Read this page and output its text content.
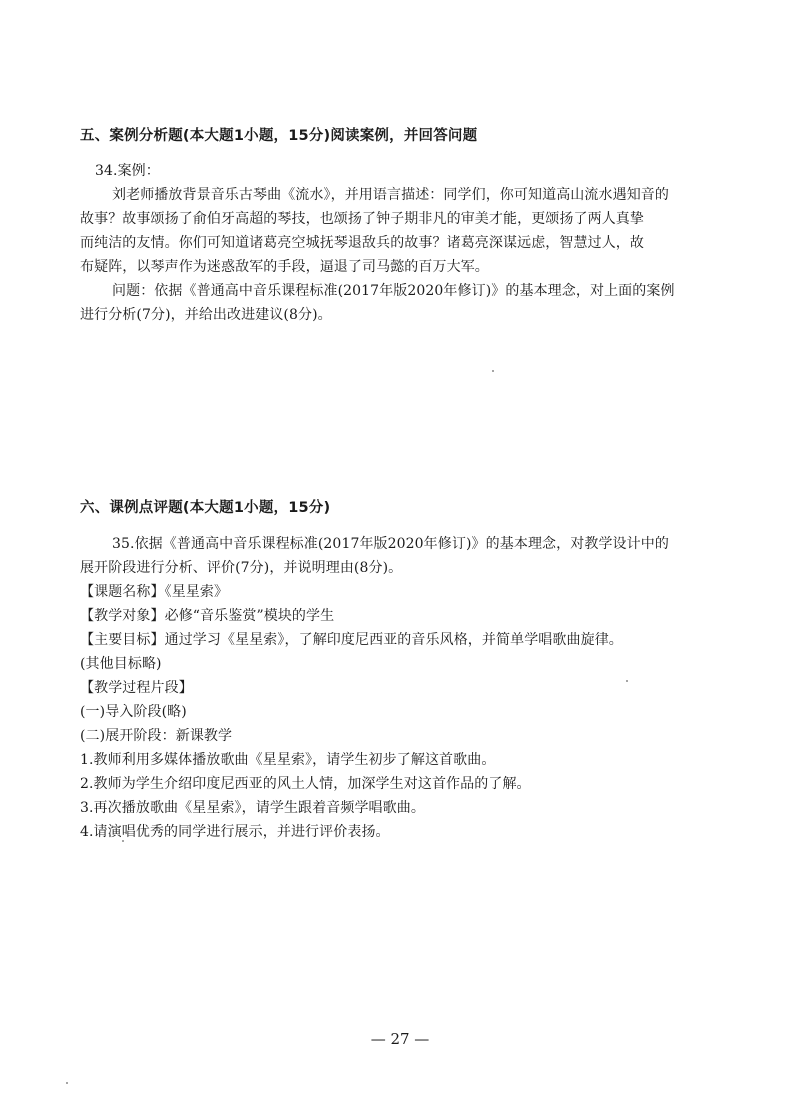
五、案例分析题(本大题1小题，15分)阅读案例，并回答问题
34.案例：
刘老师播放背景音乐古琴曲《流水》，并用语言描述：同学们，你可知道高山流水遇知音的
故事？故事颂扬了俞伯牙高超的琴技，也颂扬了钟子期非凡的审美才能，更颂扬了两人真挚
而纯洁的友情。你们可知道诸葛亮空城抚琴退敌兵的故事？诸葛亮深谋远虑，智慧过人，故
布疑阵，以琴声作为迷惑敌军的手段，逼退了司马懿的百万大军。
问题：依据《普通高中音乐课程标准(2017年版2020年修订)》的基本理念，对上面的案例
进行分析(7分)，并给出改进建议(8分)。
六、课例点评题(本大题1小题，15分)
35.依据《普通高中音乐课程标准(2017年版2020年修订)》的基本理念，对教学设计中的
展开阶段进行分析、评价(7分)，并说明理由(8分)。
【课题名称】《星星索》
【教学对象】必修“音乐鉴赏”模块的学生
【主要目标】通过学习《星星索》，了解印度尼西亚的音乐风格，并简单学唱歌曲旋律。
(其他目标略)
【教学过程片段】
(一)导入阶段(略)
(二)展开阶段：新课教学
1.教师利用多媒体播放歌曲《星星索》，请学生初步了解这首歌曲。
2.教师为学生介绍印度尼西亚的风土人情，加深学生对这首作品的了解。
3.再次播放歌曲《星星索》，请学生跟着音频学唱歌曲。
4.请演唱优秀的同学进行展示，并进行评价表扬。
— 27 —
